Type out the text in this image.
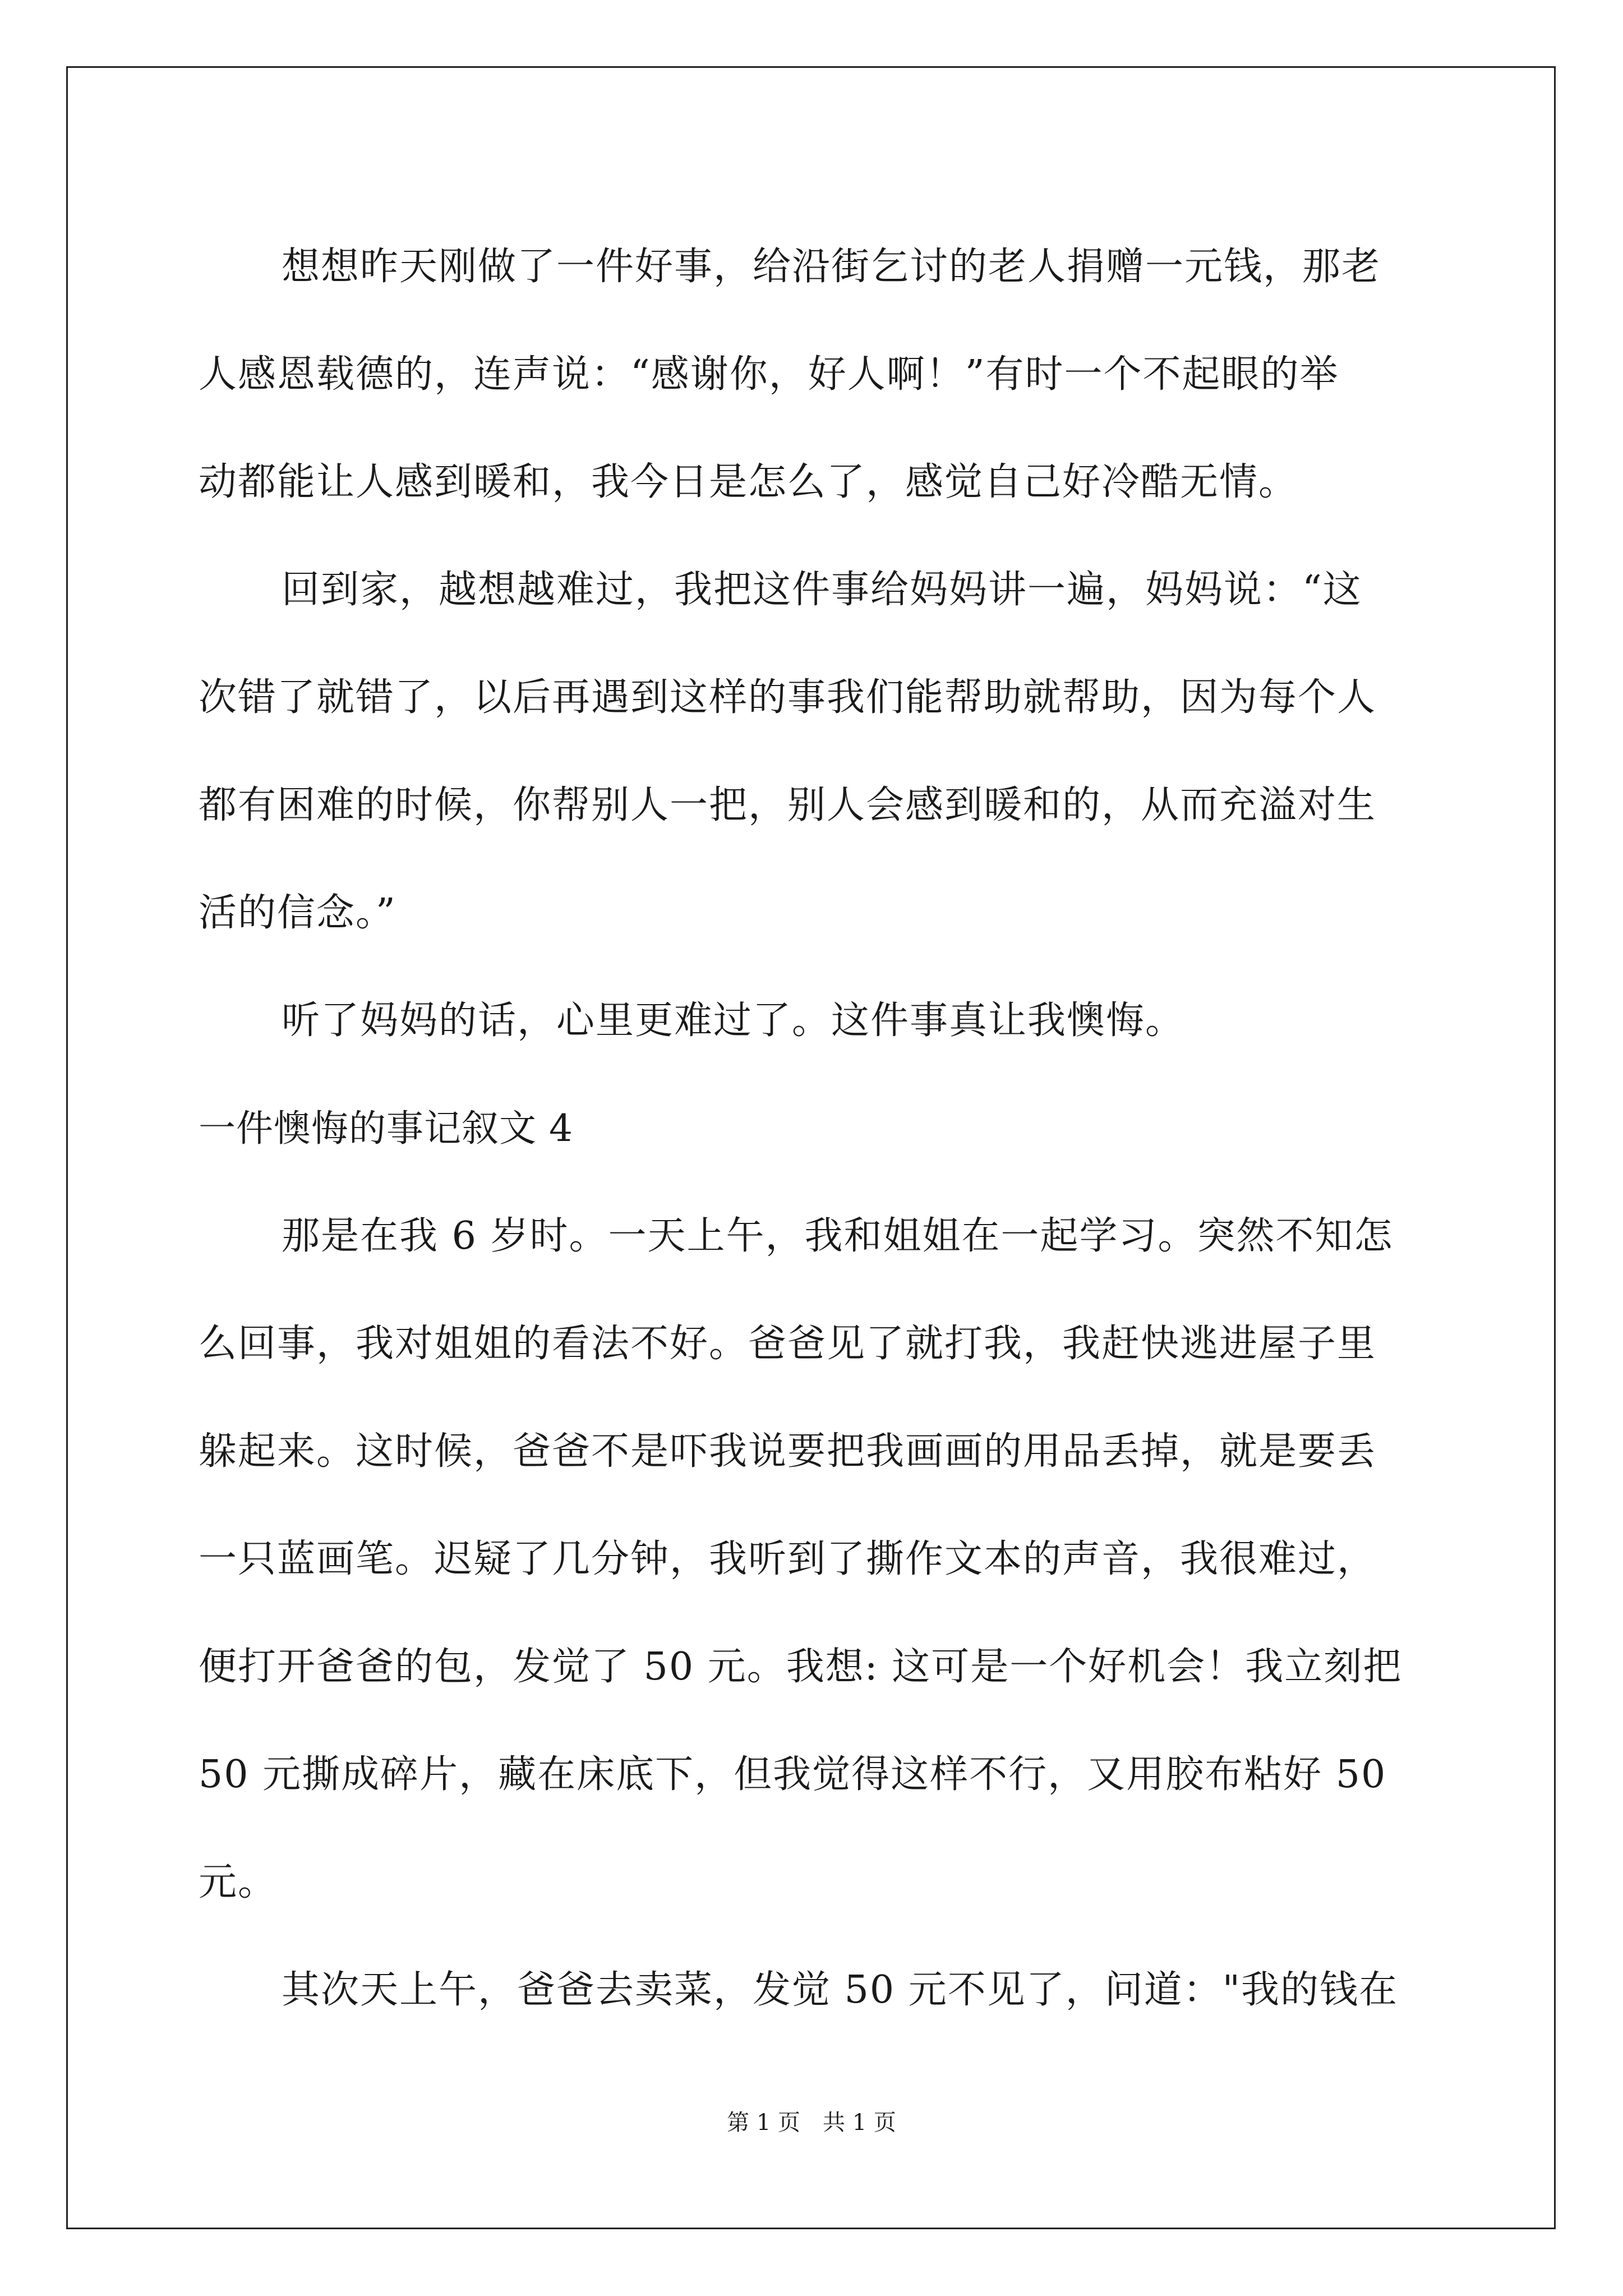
想想昨天刚做了一件好事，给沿街乞讨的老人捐赠一元钱，那老
人感恩载德的，连声说：“感谢你，好人啊！”有时一个不起眼的举
动都能让人感到暖和，我今日是怎么了，感觉自己好冷酷无情。
回到家，越想越难过，我把这件事给妈妈讲一遍，妈妈说：“这
次错了就错了，以后再遇到这样的事我们能帮助就帮助，因为每个人
都有困难的时候，你帮别人一把，别人会感到暖和的，从而充溢对生
活的信念。”
听了妈妈的话，心里更难过了。这件事真让我懊悔。
一件懊悔的事记叙文 4
那是在我 6 岁时。一天上午，我和姐姐在一起学习。突然不知怎
么回事，我对姐姐的看法不好。爸爸见了就打我，我赶快逃进屋子里
躲起来。这时候，爸爸不是吓我说要把我画画的用品丢掉，就是要丢
一只蓝画笔。迟疑了几分钟，我听到了撕作文本的声音，我很难过，
便打开爸爸的包，发觉了 50 元。我想: 这可是一个好机会！我立刻把
50 元撕成碎片，藏在床底下，但我觉得这样不行，又用胶布粘好 50
元。
其次天上午，爸爸去卖菜，发觉 50 元不见了，问道："我的钱在
第 1 页　共 1 页
